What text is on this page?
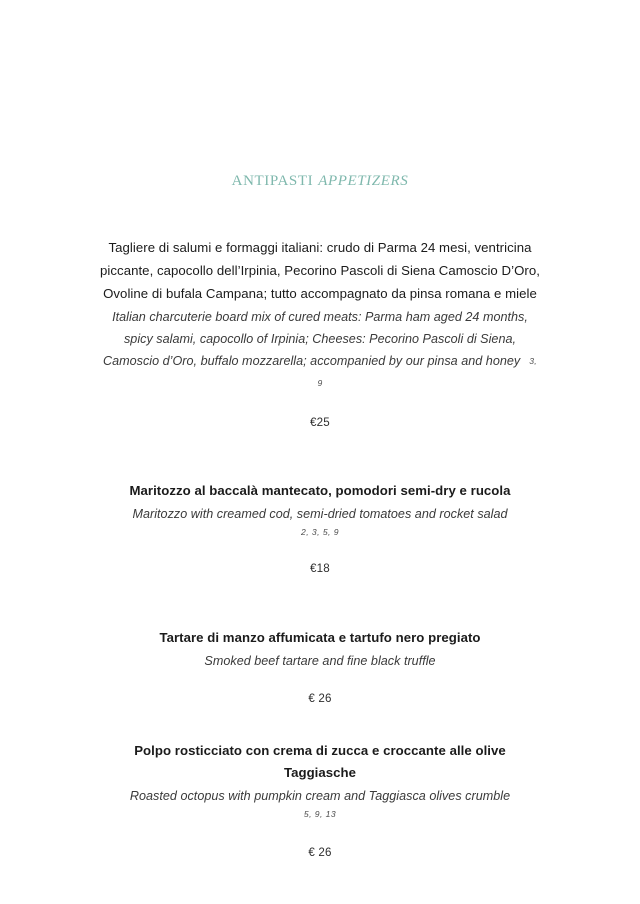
antipasti appetizers

Tagliere di salumi e formaggi italiani: crudo di Parma 24 mesi, ventricina piccante, capocollo dell’Irpinia, Pecorino Pascoli di Siena Camoscio D’Oro, Ovoline di bufala Campana; tutto accompagnato da pinsa romana e miele

Italian charcuterie board mix of cured meats: Parma ham aged 24 months, spicy salami, capocollo of Irpinia; Cheeses: Pecorino Pascoli di Siena, Camoscio d’Oro, buffalo mozzarella; accompanied by our pinsa and honey 3, 9

€25

Maritozzo al baccalà mantecato, pomodori semi-dry e rucola

Maritozzo with creamed cod, semi-dried tomatoes and rocket salad

2, 3, 5, 9

€18

Tartare di manzo affumicata e tartufo nero pregiato

Smoked beef tartare and fine black truffle

€ 26

Polpo rosticciato con crema di zucca e croccante alle olive Taggiasche

Roasted octopus with pumpkin cream and Taggiasca olives crumble

5, 9, 13

€ 26
